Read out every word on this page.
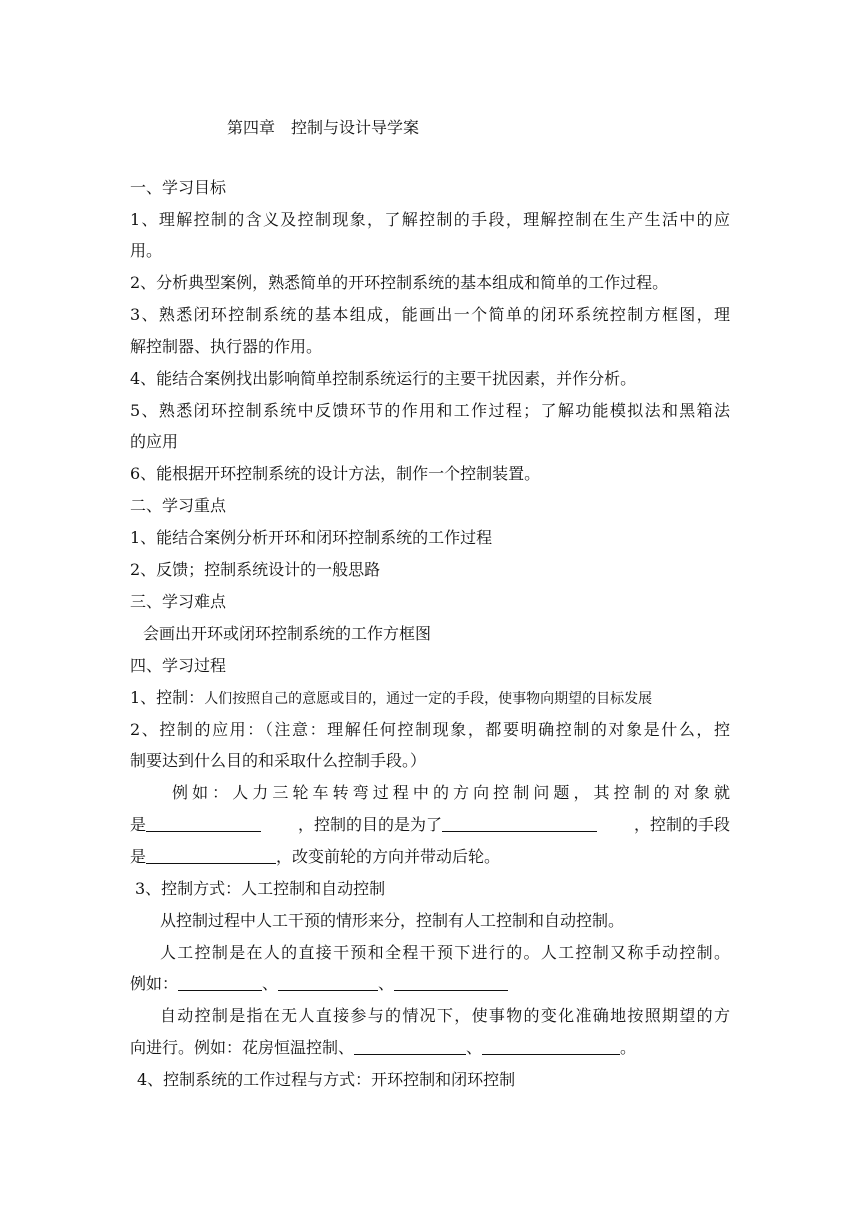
第四章　控制与设计导学案
一、学习目标
1、理解控制的含义及控制现象，了解控制的手段，理解控制在生产生活中的应
用。
2、分析典型案例，熟悉简单的开环控制系统的基本组成和简单的工作过程。
3、熟悉闭环控制系统的基本组成，能画出一个简单的闭环系统控制方框图，理
解控制器、执行器的作用。
4、能结合案例找出影响简单控制系统运行的主要干扰因素，并作分析。
5、熟悉闭环控制系统中反馈环节的作用和工作过程；了解功能模拟法和黑箱法
的应用
6、能根据开环控制系统的设计方法，制作一个控制装置。
二、学习重点
1、能结合案例分析开环和闭环控制系统的工作过程
2、反馈；控制系统设计的一般思路
三、学习难点
会画出开环或闭环控制系统的工作方框图
四、学习过程
1、控制：人们按照自己的意愿或目的，通过一定的手段，使事物向期望的目标发展
2、控制的应用：（注意：理解任何控制现象，都要明确控制的对象是什么，控
制要达到什么目的和采取什么控制手段。）
例如：人力三轮车转弯过程中的方向控制问题，其控制的对象就
是	，控制的目的是为了	，控制的手段
是	，改变前轮的方向并带动后轮。
3、控制方式：人工控制和自动控制
从控制过程中人工干预的情形来分，控制有人工控制和自动控制。
人工控制是在人的直接干预和全程干预下进行的。人工控制又称手动控制。
例如：	、	、
自动控制是指在无人直接参与的情况下，使事物的变化准确地按照期望的方
向进行。例如：花房恒温控制、	、	。
4、控制系统的工作过程与方式：开环控制和闭环控制
